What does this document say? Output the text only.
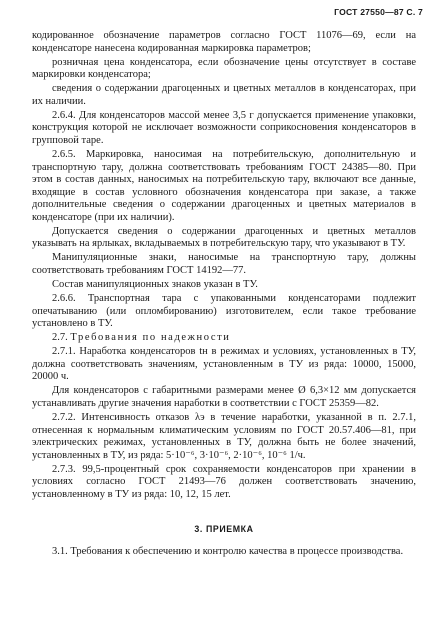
ГОСТ 27550—87 С. 7

кодированное обозначение параметров согласно ГОСТ 11076—69, если на конденсаторе нанесена кодированная маркировка параметров;

розничная цена конденсатора, если обозначение цены отсутствует в составе маркировки конденсатора;

сведения о содержании драгоценных и цветных металлов в конденсаторах, при их наличии.

2.6.4. Для конденсаторов массой менее 3,5 г допускается применение упаковки, конструкция которой не исключает возможности соприкосновения конденсаторов в групповой таре.

2.6.5. Маркировка, наносимая на потребительскую, дополнительную и транспортную тару, должна соответствовать требованиям ГОСТ 24385—80. При этом в состав данных, наносимых на потребительскую тару, включают все данные, входящие в состав условного обозначения конденсатора при заказе, а также дополнительные сведения о содержании драгоценных и цветных материалов в конденсаторе (при их наличии).

Допускается сведения о содержании драгоценных и цветных металлов указывать на ярлыках, вкладываемых в потребительскую тару, что указывают в ТУ.

Манипуляционные знаки, наносимые на транспортную тару, должны соответствовать требованиям ГОСТ 14192—77.

Состав манипуляционных знаков указан в ТУ.

2.6.6. Транспортная тара с упакованными конденсаторами подлежит опечатыванию (или опломбированию) изготовителем, если такое требование установлено в ТУ.

2.7. Требования по надежности

2.7.1. Наработка конденсаторов tн в режимах и условиях, установленных в ТУ, должна соответствовать значениям, установленным в ТУ из ряда: 10000, 15000, 20000 ч.

Для конденсаторов с габаритными размерами менее Ø 6,3×12 мм допускается устанавливать другие значения наработки в соответствии с ГОСТ 25359—82.

2.7.2. Интенсивность отказов λэ в течение наработки, указанной в п. 2.7.1, отнесенная к нормальным климатическим условиям по ГОСТ 20.57.406—81, при электрических режимах, установленных в ТУ, должна быть не более значений, установленных в ТУ, из ряда: 5·10⁻⁶, 3·10⁻⁶, 2·10⁻⁶, 10⁻⁶ 1/ч.

2.7.3. 99,5-процентный срок сохраняемости конденсаторов при хранении в условиях согласно ГОСТ 21493—76 должен соответствовать значению, установленному в ТУ из ряда: 10, 12, 15 лет.

3. ПРИЕМКА

3.1. Требования к обеспечению и контролю качества в процессе производства.
